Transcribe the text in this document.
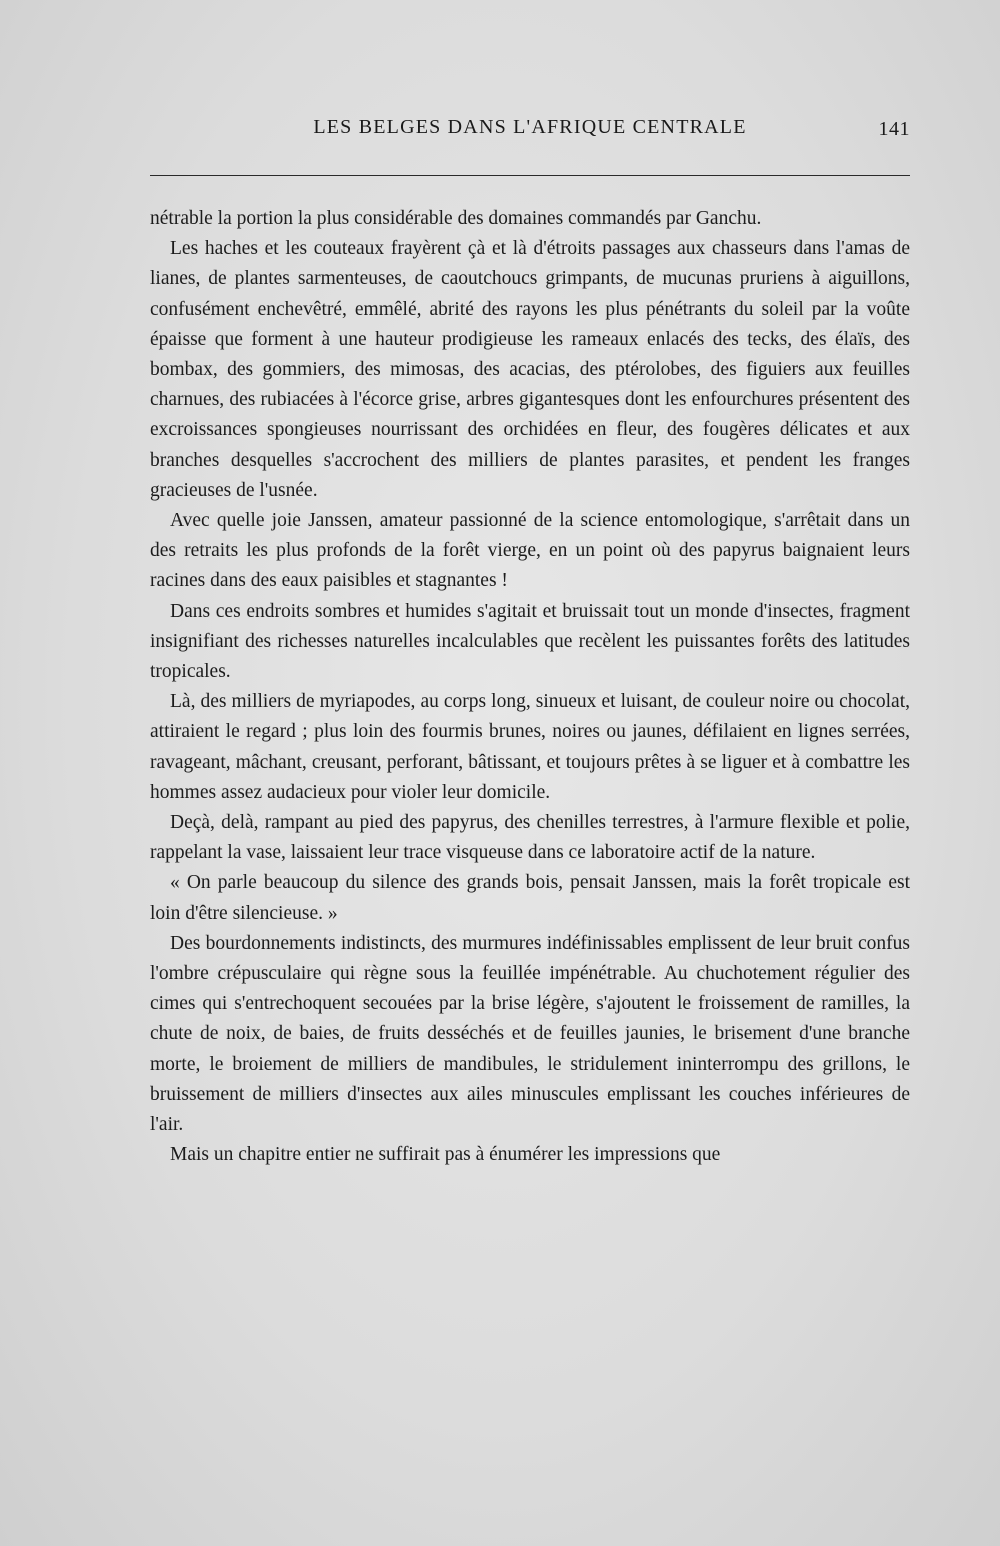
LES BELGES DANS L'AFRIQUE CENTRALE	141

nétrable la portion la plus considérable des domaines commandés par Ganchu.

Les haches et les couteaux frayèrent çà et là d'étroits passages aux chasseurs dans l'amas de lianes, de plantes sarmenteuses, de caoutchoucs grimpants, de mucunas pruriens à aiguillons, confusément enchevêtré, emmêlé, abrité des rayons les plus pénétrants du soleil par la voûte épaisse que forment à une hauteur prodigieuse les rameaux enlacés des tecks, des élaïs, des bombax, des gommiers, des mimosas, des acacias, des ptérolobes, des figuiers aux feuilles charnues, des rubiacées à l'écorce grise, arbres gigantesques dont les enfourchures présentent des excroissances spongieuses nourrissant des orchidées en fleur, des fougères délicates et aux branches desquelles s'accrochent des milliers de plantes parasites, et pendent les franges gracieuses de l'usnée.

Avec quelle joie Janssen, amateur passionné de la science entomologique, s'arrêtait dans un des retraits les plus profonds de la forêt vierge, en un point où des papyrus baignaient leurs racines dans des eaux paisibles et stagnantes !

Dans ces endroits sombres et humides s'agitait et bruissait tout un monde d'insectes, fragment insignifiant des richesses naturelles incalculables que recèlent les puissantes forêts des latitudes tropicales.

Là, des milliers de myriapodes, au corps long, sinueux et luisant, de couleur noire ou chocolat, attiraient le regard ; plus loin des fourmis brunes, noires ou jaunes, défilaient en lignes serrées, ravageant, mâchant, creusant, perforant, bâtissant, et toujours prêtes à se liguer et à combattre les hommes assez audacieux pour violer leur domicile.

Deçà, delà, rampant au pied des papyrus, des chenilles terrestres, à l'armure flexible et polie, rappelant la vase, laissaient leur trace visqueuse dans ce laboratoire actif de la nature.

« On parle beaucoup du silence des grands bois, pensait Janssen, mais la forêt tropicale est loin d'être silencieuse. »

Des bourdonnements indistincts, des murmures indéfinissables emplissent de leur bruit confus l'ombre crépusculaire qui règne sous la feuillée impénétrable. Au chuchotement régulier des cimes qui s'entrechoquent secouées par la brise légère, s'ajoutent le froissement de ramilles, la chute de noix, de baies, de fruits desséchés et de feuilles jaunies, le brisement d'une branche morte, le broiement de milliers de mandibules, le stridulement ininterrompu des grillons, le bruissement de milliers d'insectes aux ailes minuscules emplissant les couches inférieures de l'air.

Mais un chapitre entier ne suffirait pas à énumérer les impressions que
